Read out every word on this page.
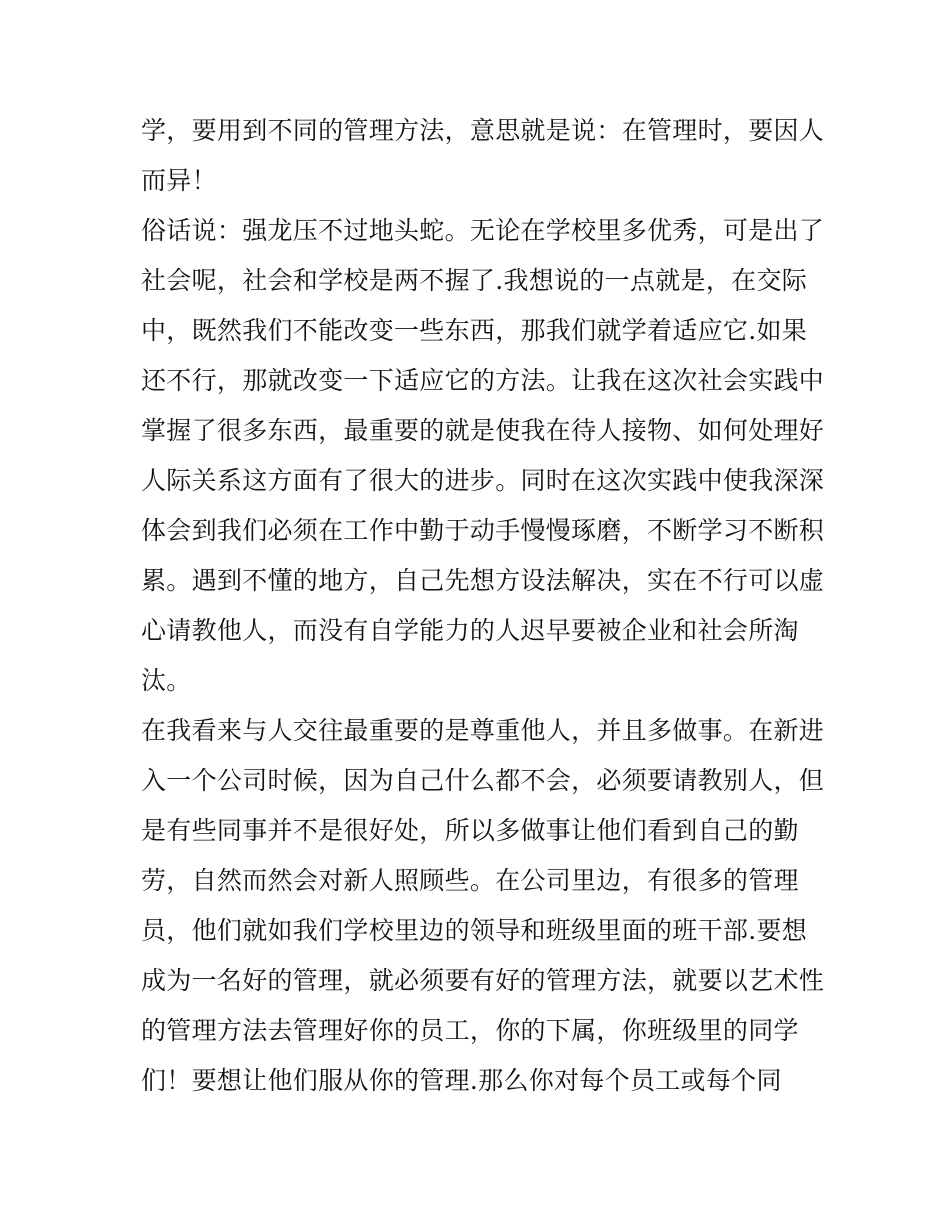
学，要用到不同的管理方法，意思就是说：在管理时，要因人
而异！
俗话说：强龙压不过地头蛇。无论在学校里多优秀，可是出了
社会呢，社会和学校是两不握了.我想说的一点就是，在交际
中，既然我们不能改变一些东西，那我们就学着适应它.如果
还不行，那就改变一下适应它的方法。让我在这次社会实践中
掌握了很多东西，最重要的就是使我在待人接物、如何处理好
人际关系这方面有了很大的进步。同时在这次实践中使我深深
体会到我们必须在工作中勤于动手慢慢琢磨，不断学习不断积
累。遇到不懂的地方，自己先想方设法解决，实在不行可以虚
心请教他人，而没有自学能力的人迟早要被企业和社会所淘
汰。
在我看来与人交往最重要的是尊重他人，并且多做事。在新进
入一个公司时候，因为自己什么都不会，必须要请教别人，但
是有些同事并不是很好处，所以多做事让他们看到自己的勤
劳，自然而然会对新人照顾些。在公司里边，有很多的管理
员，他们就如我们学校里边的领导和班级里面的班干部.要想
成为一名好的管理，就必须要有好的管理方法，就要以艺术性
的管理方法去管理好你的员工，你的下属，你班级里的同学
们！要想让他们服从你的管理.那么你对每个员工或每个同
